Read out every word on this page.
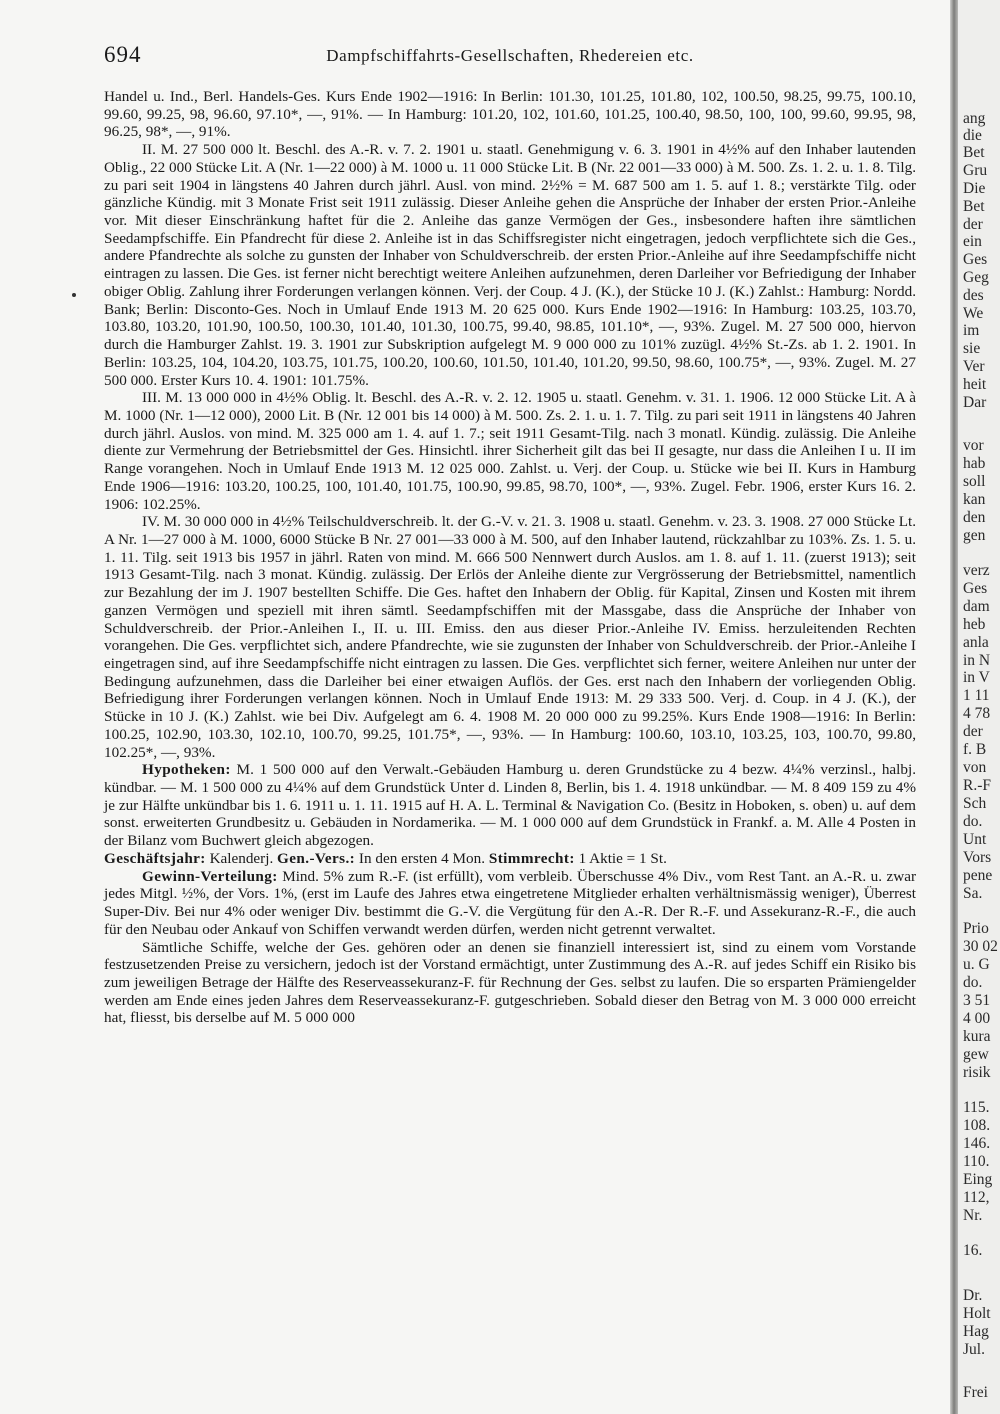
694	Dampfschiffahrts-Gesellschaften, Rhedereien etc.

Handel u. Ind., Berl. Handels-Ges. Kurs Ende 1902—1916: In Berlin: 101.30, 101.25, 101.80, 102, 100.50, 98.25, 99.75, 100.10, 99.60, 99.25, 98, 96.60, 97.10*, —, 91%. — In Hamburg: 101.20, 102, 101.60, 101.25, 100.40, 98.50, 100, 100, 99.60, 99.95, 98, 96.25, 98*, —, 91%.

II. M. 27 500 000 lt. Beschl. des A.-R. v. 7. 2. 1901 u. staatl. Genehmigung v. 6. 3. 1901 in 4½% auf den Inhaber lautenden Oblig., 22 000 Stücke Lit. A (Nr. 1—22 000) à M. 1000 u. 11 000 Stücke Lit. B (Nr. 22 001—33 000) à M. 500. Zs. 1. 2. u. 1. 8. Tilg. zu pari seit 1904 in längstens 40 Jahren durch jährl. Ausl. von mind. 2½% = M. 687 500 am 1. 5. auf 1. 8.; verstärkte Tilg. oder gänzliche Kündig. mit 3 Monate Frist seit 1911 zulässig. Dieser Anleihe gehen die Ansprüche der Inhaber der ersten Prior.-Anleihe vor. Mit dieser Einschränkung haftet für die 2. Anleihe das ganze Vermögen der Ges., insbesondere haften ihre sämtlichen Seedampfschiffe. Ein Pfandrecht für diese 2. Anleihe ist in das Schiffsregister nicht eingetragen, jedoch verpflichtete sich die Ges., andere Pfandrechte als solche zu gunsten der Inhaber von Schuldverschreib. der ersten Prior.-Anleihe auf ihre Seedampfschiffe nicht eintragen zu lassen. Die Ges. ist ferner nicht berechtigt weitere Anleihen aufzunehmen, deren Darleiher vor Befriedigung der Inhaber obiger Oblig. Zahlung ihrer Forderungen verlangen können. Verj. der Coup. 4 J. (K.), der Stücke 10 J. (K.) Zahlst.: Hamburg: Nordd. Bank; Berlin: Disconto-Ges. Noch in Umlauf Ende 1913 M. 20 625 000. Kurs Ende 1902—1916: In Hamburg: 103.25, 103.70, 103.80, 103.20, 101.90, 100.50, 100.30, 101.40, 101.30, 100.75, 99.40, 98.85, 101.10*, —, 93%. Zugel. M. 27 500 000, hiervon durch die Hamburger Zahlst. 19. 3. 1901 zur Subskription aufgelegt M. 9 000 000 zu 101% zuzügl. 4½% St.-Zs. ab 1. 2. 1901. In Berlin: 103.25, 104, 104.20, 103.75, 101.75, 100.20, 100.60, 101.50, 101.40, 101.20, 99.50, 98.60, 100.75*, —, 93%. Zugel. M. 27 500 000. Erster Kurs 10. 4. 1901: 101.75%.

III. M. 13 000 000 in 4½% Oblig. lt. Beschl. des A.-R. v. 2. 12. 1905 u. staatl. Genehm. v. 31. 1. 1906. 12 000 Stücke Lit. A à M. 1000 (Nr. 1—12 000), 2000 Lit. B (Nr. 12 001 bis 14 000) à M. 500. Zs. 2. 1. u. 1. 7. Tilg. zu pari seit 1911 in längstens 40 Jahren durch jährl. Auslos. von mind. M. 325 000 am 1. 4. auf 1. 7.; seit 1911 Gesamt-Tilg. nach 3 monatl. Kündig. zulässig. Die Anleihe diente zur Vermehrung der Betriebsmittel der Ges. Hinsichtl. ihrer Sicherheit gilt das bei II gesagte, nur dass die Anleihen I u. II im Range vorangehen. Noch in Umlauf Ende 1913 M. 12 025 000. Zahlst. u. Verj. der Coup. u. Stücke wie bei II. Kurs in Hamburg Ende 1906—1916: 103.20, 100.25, 100, 101.40, 101.75, 100.90, 99.85, 98.70, 100*, —, 93%. Zugel. Febr. 1906, erster Kurs 16. 2. 1906: 102.25%.

IV. M. 30 000 000 in 4½% Teilschuldverschreib. lt. der G.-V. v. 21. 3. 1908 u. staatl. Genehm. v. 23. 3. 1908. 27 000 Stücke Lt. A Nr. 1—27 000 à M. 1000, 6000 Stücke B Nr. 27 001—33 000 à M. 500, auf den Inhaber lautend, rückzahlbar zu 103%. Zs. 1. 5. u. 1. 11. Tilg. seit 1913 bis 1957 in jährl. Raten von mind. M. 666 500 Nennwert durch Auslos. am 1. 8. auf 1. 11. (zuerst 1913); seit 1913 Gesamt-Tilg. nach 3 monat. Kündig. zulässig. Der Erlös der Anleihe diente zur Vergrösserung der Betriebsmittel, namentlich zur Bezahlung der im J. 1907 bestellten Schiffe. Die Ges. haftet den Inhabern der Oblig. für Kapital, Zinsen und Kosten mit ihrem ganzen Vermögen und speziell mit ihren sämtl. Seedampfschiffen mit der Massgabe, dass die Ansprüche der Inhaber von Schuldverschreib. der Prior.-Anleihen I., II. u. III. Emiss. den aus dieser Prior.-Anleihe IV. Emiss. herzuleitenden Rechten vorangehen. Die Ges. verpflichtet sich, andere Pfandrechte, wie sie zugunsten der Inhaber von Schuldverschreib. der Prior.-Anleihe I eingetragen sind, auf ihre Seedampfschiffe nicht eintragen zu lassen. Die Ges. verpflichtet sich ferner, weitere Anleihen nur unter der Bedingung aufzunehmen, dass die Darleiher bei einer etwaigen Auflös. der Ges. erst nach den Inhabern der vorliegenden Oblig. Befriedigung ihrer Forderungen verlangen können. Noch in Umlauf Ende 1913: M. 29 333 500. Verj. d. Coup. in 4 J. (K.), der Stücke in 10 J. (K.) Zahlst. wie bei Div. Aufgelegt am 6. 4. 1908 M. 20 000 000 zu 99.25%. Kurs Ende 1908—1916: In Berlin: 100.25, 102.90, 103.30, 102.10, 100.70, 99.25, 101.75*, —, 93%. — In Hamburg: 100.60, 103.10, 103.25, 103, 100.70, 99.80, 102.25*, —, 93%.

Hypotheken: M. 1 500 000 auf den Verwalt.-Gebäuden Hamburg u. deren Grundstücke zu 4 bezw. 4¼% verzinsl., halbj. kündbar. — M. 1 500 000 zu 4¼% auf dem Grundstück Unter d. Linden 8, Berlin, bis 1. 4. 1918 unkündbar. — M. 8 409 159 zu 4% je zur Hälfte unkündbar bis 1. 6. 1911 u. 1. 11. 1915 auf H. A. L. Terminal & Navigation Co. (Besitz in Hoboken, s. oben) u. auf dem sonst. erweiterten Grundbesitz u. Gebäuden in Nordamerika. — M. 1 000 000 auf dem Grundstück in Frankf. a. M. Alle 4 Posten in der Bilanz vom Buchwert gleich abgezogen.

Geschäftsjahr: Kalenderj. Gen.-Vers.: In den ersten 4 Mon. Stimmrecht: 1 Aktie = 1 St.

Gewinn-Verteilung: Mind. 5% zum R.-F. (ist erfüllt), vom verbleib. Überschusse 4% Div., vom Rest Tant. an A.-R. u. zwar jedes Mitgl. ½%, der Vors. 1%, (erst im Laufe des Jahres etwa eingetretene Mitglieder erhalten verhältnismässig weniger), Überrest Super-Div. Bei nur 4% oder weniger Div. bestimmt die G.-V. die Vergütung für den A.-R. Der R.-F. und Assekuranz-R.-F., die auch für den Neubau oder Ankauf von Schiffen verwandt werden dürfen, werden nicht getrennt verwaltet.

Sämtliche Schiffe, welche der Ges. gehören oder an denen sie finanziell interessiert ist, sind zu einem vom Vorstande festzusetzenden Preise zu versichern, jedoch ist der Vorstand ermächtigt, unter Zustimmung des A.-R. auf jedes Schiff ein Risiko bis zum jeweiligen Betrage der Hälfte des Reserveassekuranz-F. für Rechnung der Ges. selbst zu laufen. Die so ersparten Prämiengelder werden am Ende eines jeden Jahres dem Reserveassekuranz-F. gutgeschrieben. Sobald dieser den Betrag von M. 3 000 000 erreicht hat, fliesst, bis derselbe auf M. 5 000 000

ang
die
Bet
Gru
Die
Bet
der
ein
Ges
Geg
des
We
im
sie
Ver
heit
Dar
vor
hab
soll
kan
den
gen
verz
Ges
dam
heb
anla
in N
in V
1 11
4 78
der
f. B
von
R.-F
Sch
do.
Unt
Vors
pene
Sa.
Prio
30 02
u. G
do.
3 51
4 00
kura
gew
risik
115.
108.
146.
110.
Eing
112,
Nr.
16.
Dr.
Holt
Hag
Jul.
Frei
